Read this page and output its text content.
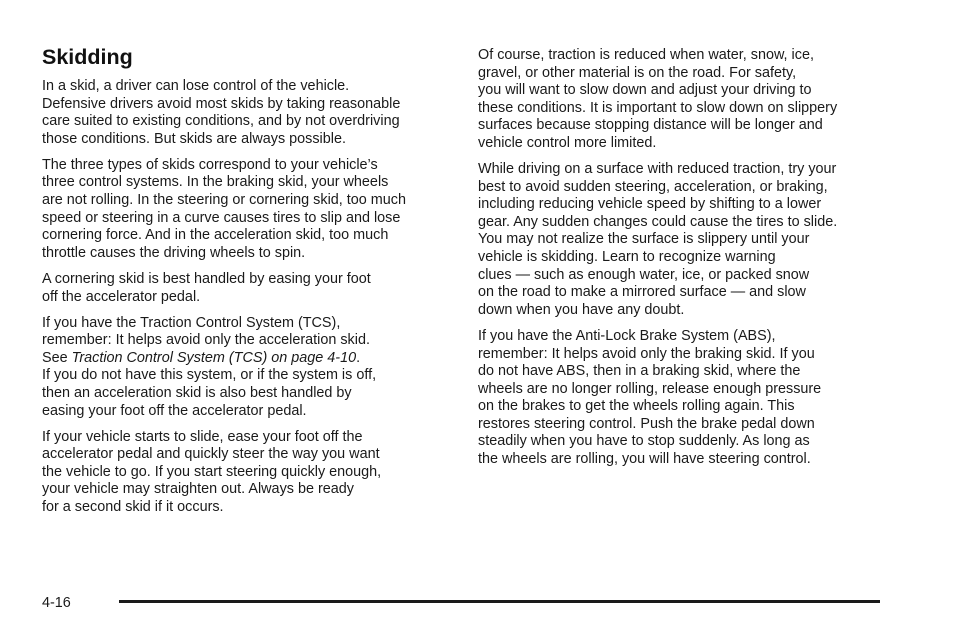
Skidding

In a skid, a driver can lose control of the vehicle.
Defensive drivers avoid most skids by taking reasonable
care suited to existing conditions, and by not overdriving
those conditions. But skids are always possible.

The three types of skids correspond to your vehicle’s
three control systems. In the braking skid, your wheels
are not rolling. In the steering or cornering skid, too much
speed or steering in a curve causes tires to slip and lose
cornering force. And in the acceleration skid, too much
throttle causes the driving wheels to spin.

A cornering skid is best handled by easing your foot
off the accelerator pedal.

If you have the Traction Control System (TCS),
remember: It helps avoid only the acceleration skid.
See Traction Control System (TCS) on page 4-10.
If you do not have this system, or if the system is off,
then an acceleration skid is also best handled by
easing your foot off the accelerator pedal.

If your vehicle starts to slide, ease your foot off the
accelerator pedal and quickly steer the way you want
the vehicle to go. If you start steering quickly enough,
your vehicle may straighten out. Always be ready
for a second skid if it occurs.

Of course, traction is reduced when water, snow, ice,
gravel, or other material is on the road. For safety,
you will want to slow down and adjust your driving to
these conditions. It is important to slow down on slippery
surfaces because stopping distance will be longer and
vehicle control more limited.

While driving on a surface with reduced traction, try your
best to avoid sudden steering, acceleration, or braking,
including reducing vehicle speed by shifting to a lower
gear. Any sudden changes could cause the tires to slide.
You may not realize the surface is slippery until your
vehicle is skidding. Learn to recognize warning
clues — such as enough water, ice, or packed snow
on the road to make a mirrored surface — and slow
down when you have any doubt.

If you have the Anti-Lock Brake System (ABS),
remember: It helps avoid only the braking skid. If you
do not have ABS, then in a braking skid, where the
wheels are no longer rolling, release enough pressure
on the brakes to get the wheels rolling again. This
restores steering control. Push the brake pedal down
steadily when you have to stop suddenly. As long as
the wheels are rolling, you will have steering control.

4-16
